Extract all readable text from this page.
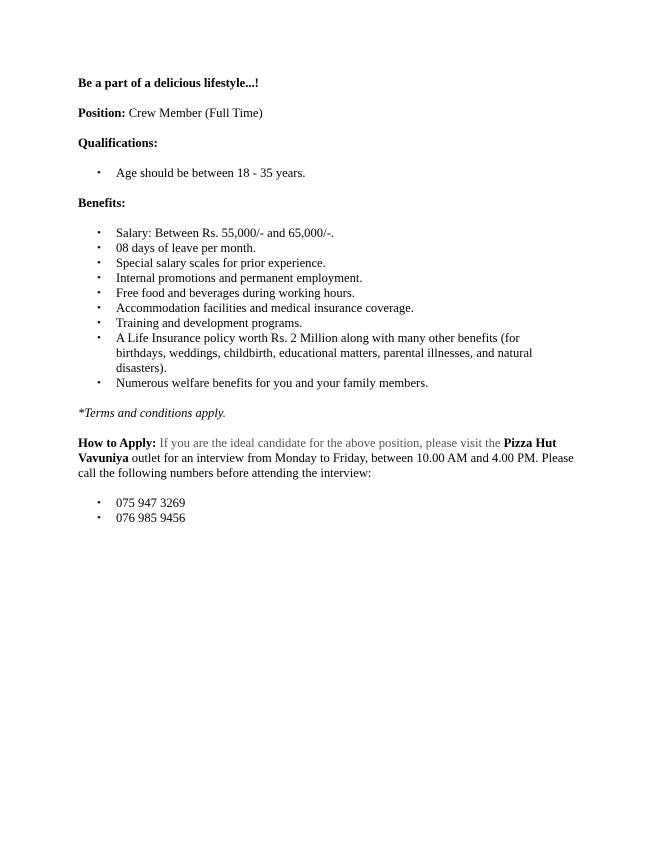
Be a part of a delicious lifestyle...!

Position: Crew Member (Full Time)

Qualifications:

• Age should be between 18 - 35 years.

Benefits:

• Salary: Between Rs. 55,000/- and 65,000/-.
• 08 days of leave per month.
• Special salary scales for prior experience.
• Internal promotions and permanent employment.
• Free food and beverages during working hours.
• Accommodation facilities and medical insurance coverage.
• Training and development programs.
• A Life Insurance policy worth Rs. 2 Million along with many other benefits (for birthdays, weddings, childbirth, educational matters, parental illnesses, and natural disasters).
• Numerous welfare benefits for you and your family members.

*Terms and conditions apply.

How to Apply: If you are the ideal candidate for the above position, please visit the Pizza Hut Vavuniya outlet for an interview from Monday to Friday, between 10.00 AM and 4.00 PM. Please call the following numbers before attending the interview:

• 075 947 3269
• 076 985 9456
